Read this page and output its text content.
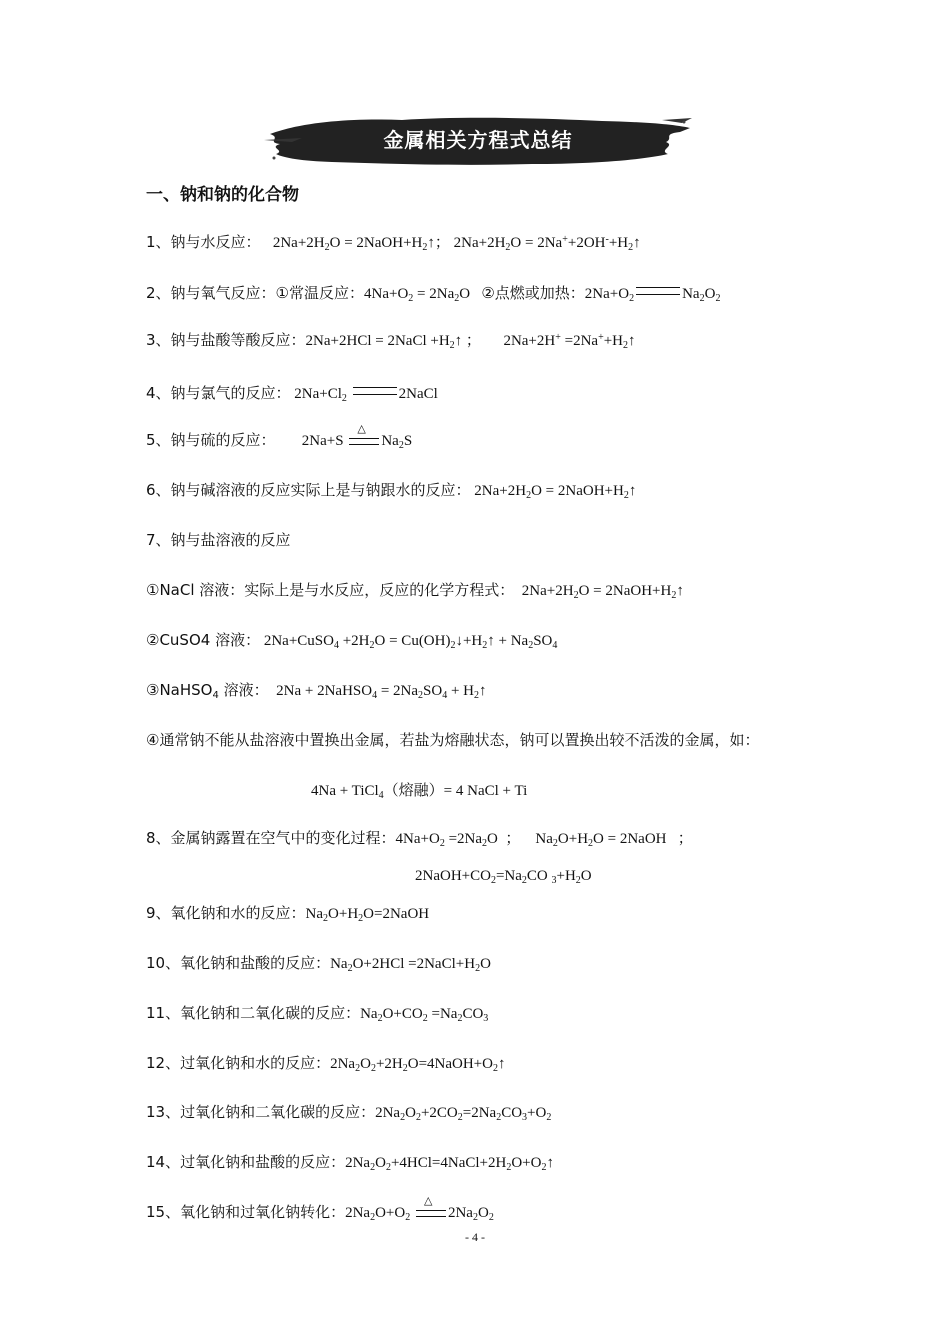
金属相关方程式总结
一、钠和钠的化合物
1、钠与水反应：   $2Na+2H_2O$ = $2NaOH+H_2↑$； $2Na+2H_2O$ = $2Na^++2OH^-+H_2↑$
2、钠与氧气反应：①常温反应：$4Na+O_2 = 2Na_2O$   ②点燃或加热：$2Na+O_2$	$Na_2O_2$
3、钠与盐酸等酸反应：2Na+2HCl = 2NaCl $+H_2↑$ ；      $2Na+2H^+ =2Na^++H_2↑$
4、钠与氯气的反应： $2Na+Cl_2$	2NaCl
5、钠与硫的反应：       2Na+S
△
$Na_2S$
6、钠与碱溶液的反应实际上是与钠跟水的反应： $2Na+2H_2O$ = $2NaOH+H_2↑$
7、钠与盐溶液的反应
①NaCl 溶液：实际上是与水反应，反应的化学方程式：  $2Na+2H_2O$ = $2NaOH+H_2↑$
②CuSO4 溶液： 2Na+CuSO$_4$ $+2H_2O$ = $Cu(OH)_2↓+H_2↑ + Na_2SO_4$
③NaHSO$_4$ 溶液：  2Na + 2NaHSO$_4$ = $2Na_2SO_4$ + $H_2↑$
④通常钠不能从盐溶液中置换出金属，若盐为熔融状态，钠可以置换出较不活泼的金属，如：
4Na + TiCl$_4$（熔融）= 4 NaCl + Ti
8、金属钠露置在空气中的变化过程：$4Na+O_2 =2Na_2O$  ；    $Na_2O+H_2O$ = 2NaOH   ；
$2NaOH+CO_2=Na_2CO$ $_3+H_2O$
9、氧化钠和水的反应：$Na_2O+H_2O=2NaOH$
10、氧化钠和盐酸的反应：$Na_2O+2HCl$ $=2NaCl+H_2O$
11、氧化钠和二氧化碳的反应：$Na_2O+CO_2 =Na_2CO_3$
12、过氧化钠和水的反应：$2Na_2O_2+2H_2O=4NaOH+O_2↑$
13、过氧化钠和二氧化碳的反应：$2Na_2O_2+2CO_2=2Na_2CO_3+O_2$
14、过氧化钠和盐酸的反应：$2Na_2O_2+4HCl=4NaCl+2H_2O+O_2↑$
15、氧化钠和过氧化钠转化：$2Na_2O+O_2$
△
$2Na_2O_2$
- 4 -
